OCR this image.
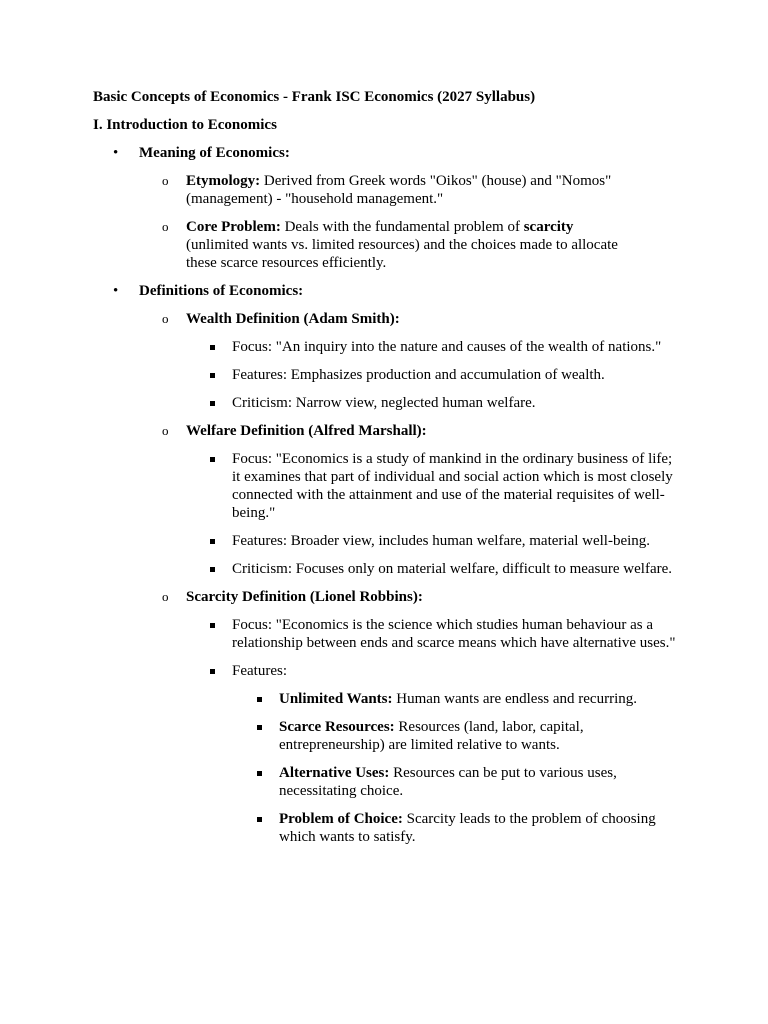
Basic Concepts of Economics - Frank ISC Economics (2027 Syllabus)
I. Introduction to Economics
• Meaning of Economics:
o Etymology: Derived from Greek words "Oikos" (house) and "Nomos" (management) - "household management."
o Core Problem: Deals with the fundamental problem of scarcity (unlimited wants vs. limited resources) and the choices made to allocate these scarce resources efficiently.
• Definitions of Economics:
o Wealth Definition (Adam Smith):
Focus: "An inquiry into the nature and causes of the wealth of nations."
Features: Emphasizes production and accumulation of wealth.
Criticism: Narrow view, neglected human welfare.
o Welfare Definition (Alfred Marshall):
Focus: "Economics is a study of mankind in the ordinary business of life; it examines that part of individual and social action which is most closely connected with the attainment and use of the material requisites of well-being."
Features: Broader view, includes human welfare, material well-being.
Criticism: Focuses only on material welfare, difficult to measure welfare.
o Scarcity Definition (Lionel Robbins):
Focus: "Economics is the science which studies human behaviour as a relationship between ends and scarce means which have alternative uses."
Features:
Unlimited Wants: Human wants are endless and recurring.
Scarce Resources: Resources (land, labor, capital, entrepreneurship) are limited relative to wants.
Alternative Uses: Resources can be put to various uses, necessitating choice.
Problem of Choice: Scarcity leads to the problem of choosing which wants to satisfy.
